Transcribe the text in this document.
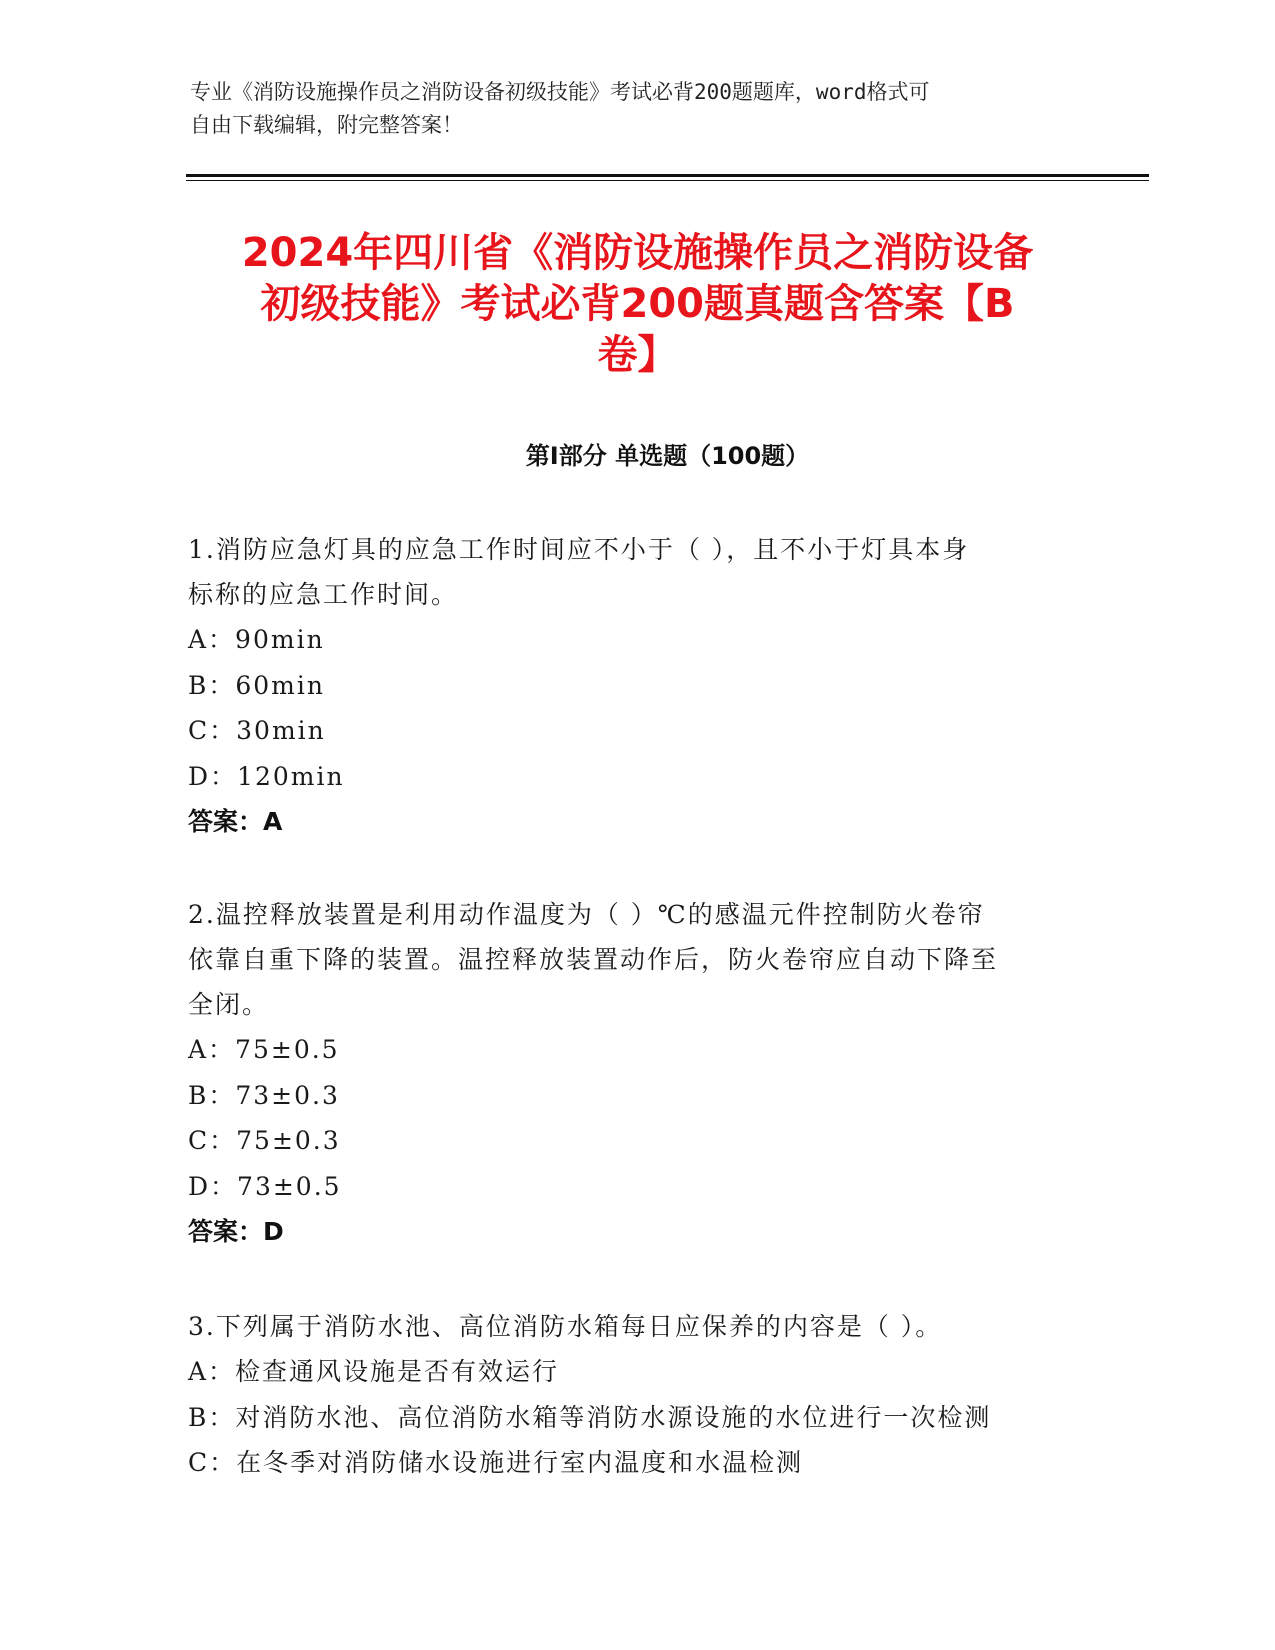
专业《消防设施操作员之消防设备初级技能》考试必背200题题库，word格式可
自由下载编辑，附完整答案！
2024年四川省《消防设施操作员之消防设备
初级技能》考试必背200题真题含答案【B
卷】
第I部分 单选题（100题）
1.消防应急灯具的应急工作时间应不小于（ ），且不小于灯具本身
标称的应急工作时间。
A：90min
B：60min
C：30min
D：120min
答案：A
2.温控释放装置是利用动作温度为（ ）℃的感温元件控制防火卷帘
依靠自重下降的装置。温控释放装置动作后，防火卷帘应自动下降至
全闭。
A：75±0.5
B：73±0.3
C：75±0.3
D：73±0.5
答案：D
3.下列属于消防水池、高位消防水箱每日应保养的内容是（ ）。
A：检查通风设施是否有效运行
B：对消防水池、高位消防水箱等消防水源设施的水位进行一次检测
C：在冬季对消防储水设施进行室内温度和水温检测
